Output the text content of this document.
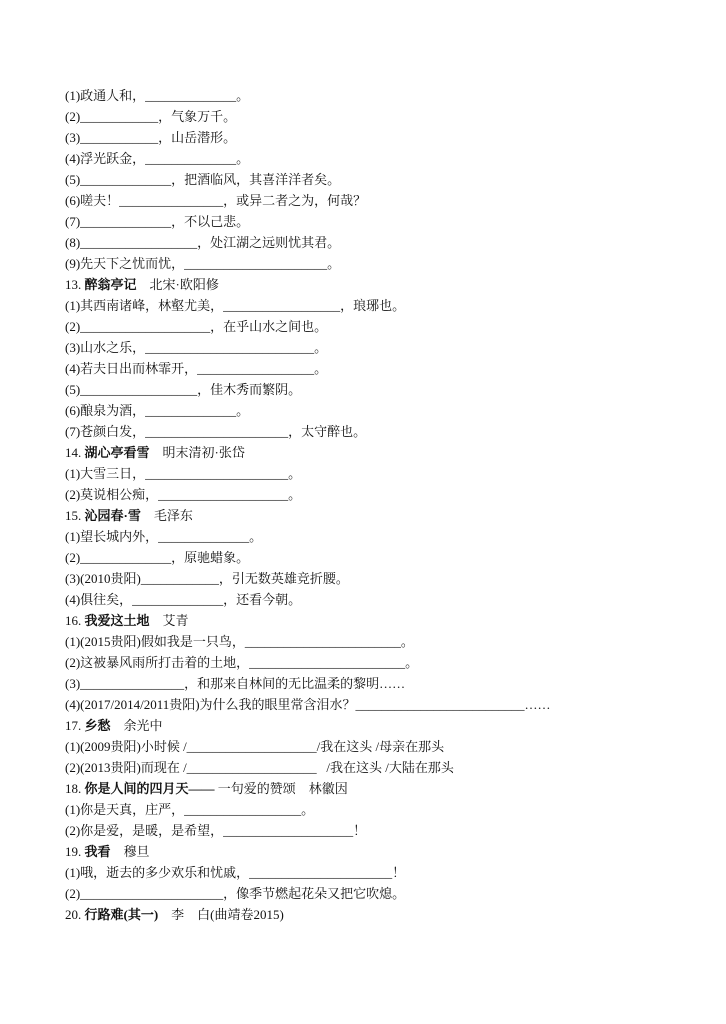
(1)政通人和，______________。
(2)____________，气象万千。
(3)____________，山岳潜形。
(4)浮光跃金，______________。
(5)______________，把酒临风，其喜洋洋者矣。
(6)嗟夫！________________，或异二者之为，何哉？
(7)______________，不以己悲。
(8)__________________，处江湖之远则忧其君。
(9)先天下之忧而忧，______________________。
13. 醉翁亭记　北宋·欧阳修
(1)其西南诸峰，林壑尤美，__________________，琅琊也。
(2)____________________，在乎山水之间也。
(3)山水之乐，__________________________。
(4)若夫日出而林霏开，__________________。
(5)__________________，佳木秀而繁阴。
(6)酿泉为酒，______________。
(7)苍颜白发，______________________，太守醉也。
14. 湖心亭看雪　明末清初·张岱
(1)大雪三日，______________________。
(2)莫说相公痴，____________________。
15. 沁园春·雪　毛泽东
(1)望长城内外，______________。
(2)______________，原驰蜡象。
(3)(2010贵阳)____________，引无数英雄竞折腰。
(4)俱往矣，______________，还看今朝。
16. 我爱这土地　艾青
(1)(2015贵阳)假如我是一只鸟，________________________。
(2)这被暴风雨所打击着的土地，________________________。
(3)________________，和那来自林间的无比温柔的黎明……
(4)(2017/2014/2011贵阳)为什么我的眼里常含泪水？__________________________……
17. 乡愁　余光中
(1)(2009贵阳)小时候 /____________________/我在这头 /母亲在那头
(2)(2013贵阳)而现在 /____________________   /我在这头 /大陆在那头
18. 你是人间的四月天—— 一句爱的赞颂　林徽因
(1)你是天真，庄严，__________________。
(2)你是爱，是暖，是希望，____________________！
19. 我看　穆旦
(1)哦，逝去的多少欢乐和忧戚，______________________！
(2)______________________，像季节燃起花朵又把它吹熄。
20. 行路难(其一)　李　白(曲靖卷2015)
